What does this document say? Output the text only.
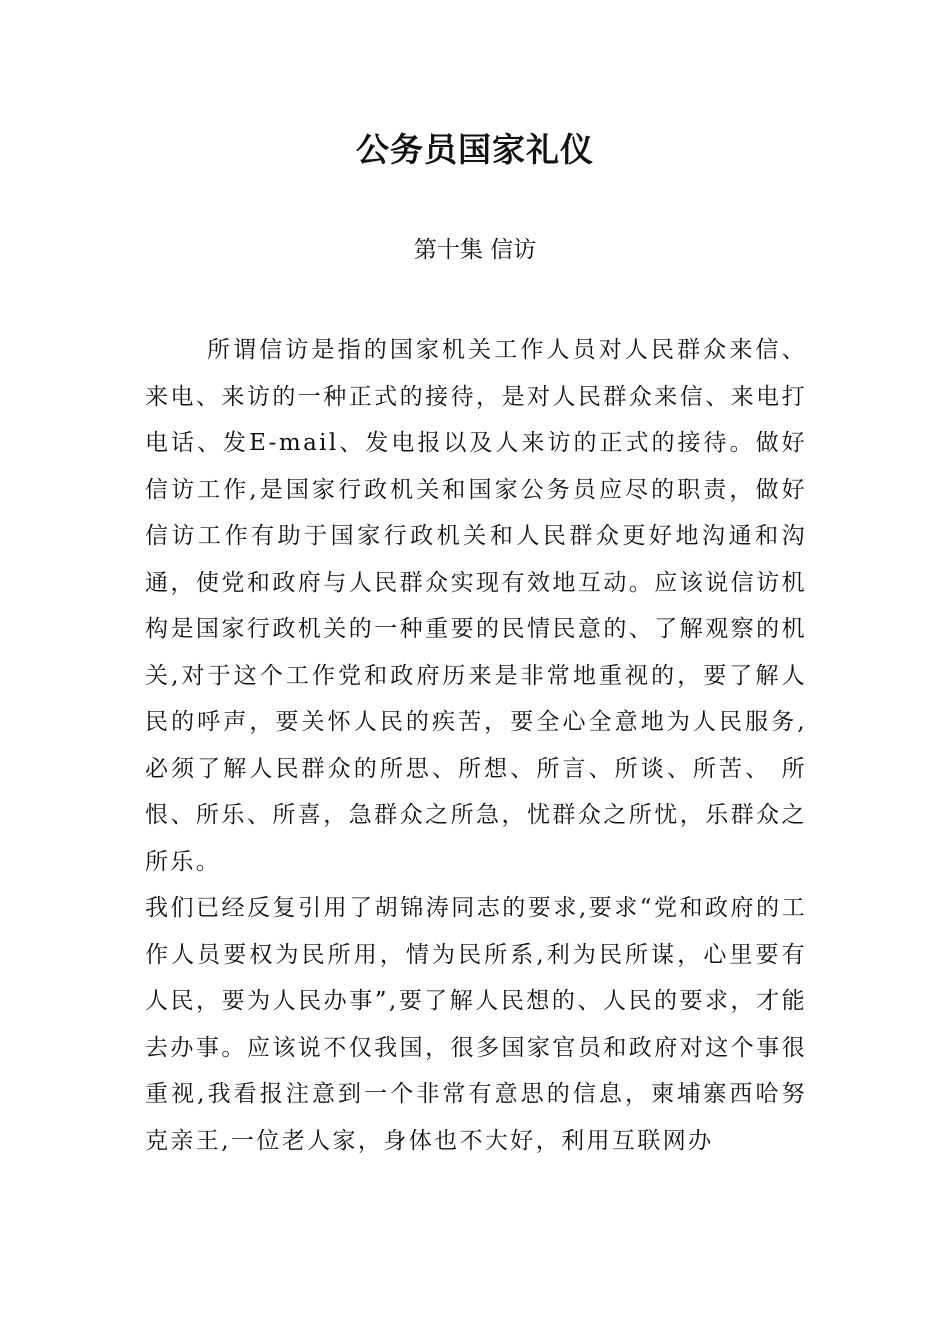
公务员国家礼仪
第十集 信访

所谓信访是指的国家机关工作人员对人民群众来信、来电、来访的一种正式的接待，是对人民群众来信、来电打电话、发E-mail、发电报以及人来访的正式的接待。做好信访工作,是国家行政机关和国家公务员应尽的职责，做好信访工作有助于国家行政机关和人民群众更好地沟通和沟通，使党和政府与人民群众实现有效地互动。应该说信访机构是国家行政机关的一种重要的民情民意的、了解观察的机关,对于这个工作党和政府历来是非常地重视的，要了解人民的呼声，要关怀人民的疾苦，要全心全意地为人民服务,必须了解人民群众的所思、所想、所言、所谈、所苦、 所恨、所乐、所喜，急群众之所急，忧群众之所忧，乐群众之所乐。

我们已经反复引用了胡锦涛同志的要求,要求“党和政府的工作人员要权为民所用，情为民所系,利为民所谋，心里要有人民，要为人民办事”,要了解人民想的、人民的要求，才能去办事。应该说不仅我国，很多国家官员和政府对这个事很重视,我看报注意到一个非常有意思的信息，柬埔寨西哈努克亲王,一位老人家，身体也不大好，利用互联网办
